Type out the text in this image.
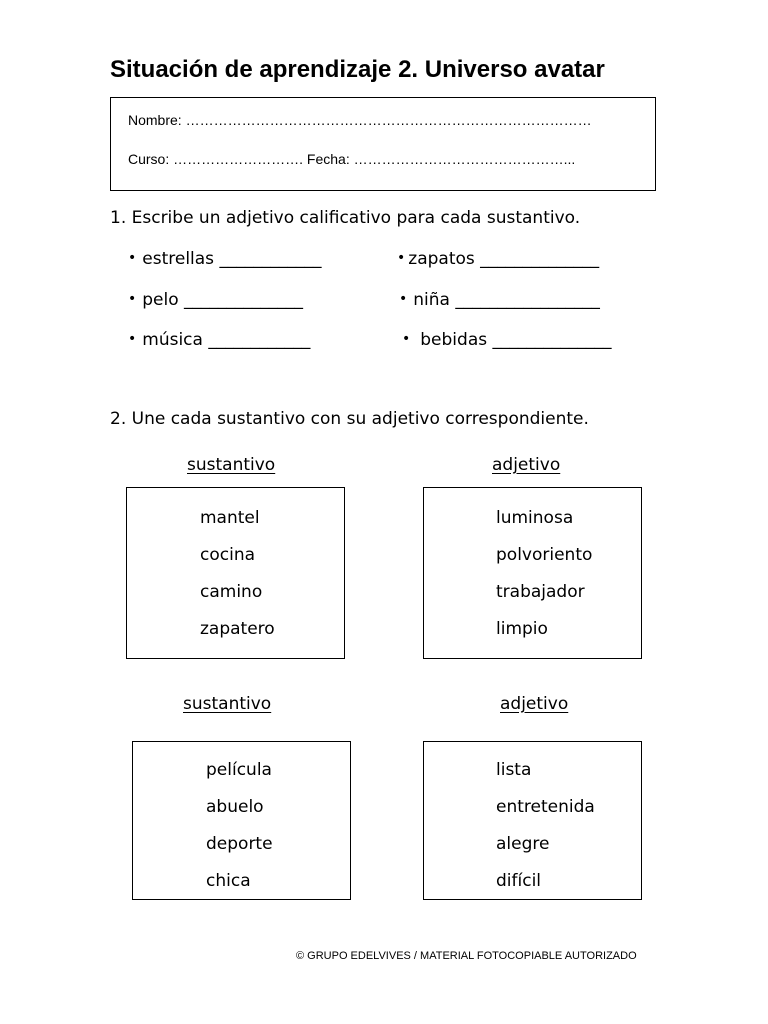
Situación de aprendizaje 2. Universo avatar
Nombre: ……………………………………………………………………………
Curso: ………………………. Fecha: ………………………………………...
1. Escribe un adjetivo calificativo para cada sustantivo.
• estrellas ____________	• zapatos ______________
• pelo ______________	• niña _________________
• música ____________	• bebidas ______________
2. Une cada sustantivo con su adjetivo correspondiente.
sustantivo	adjetivo
mantel
cocina
camino
zapatero
luminosa
polvoriento
trabajador
limpio
sustantivo	adjetivo
película
abuelo
deporte
chica
lista
entretenida
alegre
difícil
© GRUPO EDELVIVES / MATERIAL FOTOCOPIABLE AUTORIZADO
